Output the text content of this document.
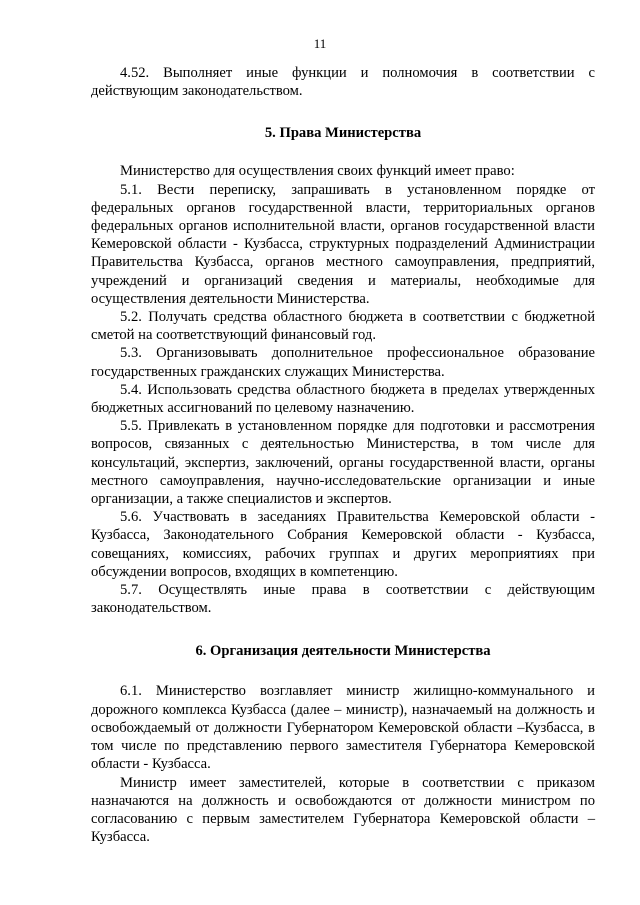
11

4.52. Выполняет иные функции и полномочия в соответствии с действующим законодательством.

5. Права Министерства

Министерство для осуществления своих функций имеет право:

5.1. Вести переписку, запрашивать в установленном порядке от федеральных органов государственной власти, территориальных органов федеральных органов исполнительной власти, органов государственной власти Кемеровской области - Кузбасса, структурных подразделений Администрации Правительства Кузбасса, органов местного самоуправления, предприятий, учреждений и организаций сведения и материалы, необходимые для осуществления деятельности Министерства.

5.2. Получать средства областного бюджета в соответствии с бюджетной сметой на соответствующий финансовый год.

5.3. Организовывать дополнительное профессиональное образование государственных гражданских служащих Министерства.

5.4. Использовать средства областного бюджета в пределах утвержденных бюджетных ассигнований по целевому назначению.

5.5. Привлекать в установленном порядке для подготовки и рассмотрения вопросов, связанных с деятельностью Министерства, в том числе для консультаций, экспертиз, заключений, органы государственной власти, органы местного самоуправления, научно-исследовательские организации и иные организации, а также специалистов и экспертов.

5.6. Участвовать в заседаниях Правительства Кемеровской области - Кузбасса, Законодательного Собрания Кемеровской области - Кузбасса, совещаниях, комиссиях, рабочих группах и других мероприятиях при обсуждении вопросов, входящих в компетенцию.

5.7. Осуществлять иные права в соответствии с действующим законодательством.

6. Организация деятельности Министерства

6.1. Министерство возглавляет министр жилищно-коммунального и дорожного комплекса Кузбасса (далее – министр), назначаемый на должность и освобождаемый от должности Губернатором Кемеровской области –Кузбасса, в том числе по представлению первого заместителя Губернатора Кемеровской области - Кузбасса.

Министр имеет заместителей, которые в соответствии с приказом назначаются на должность и освобождаются от должности министром по согласованию с первым заместителем Губернатора Кемеровской области – Кузбасса.
